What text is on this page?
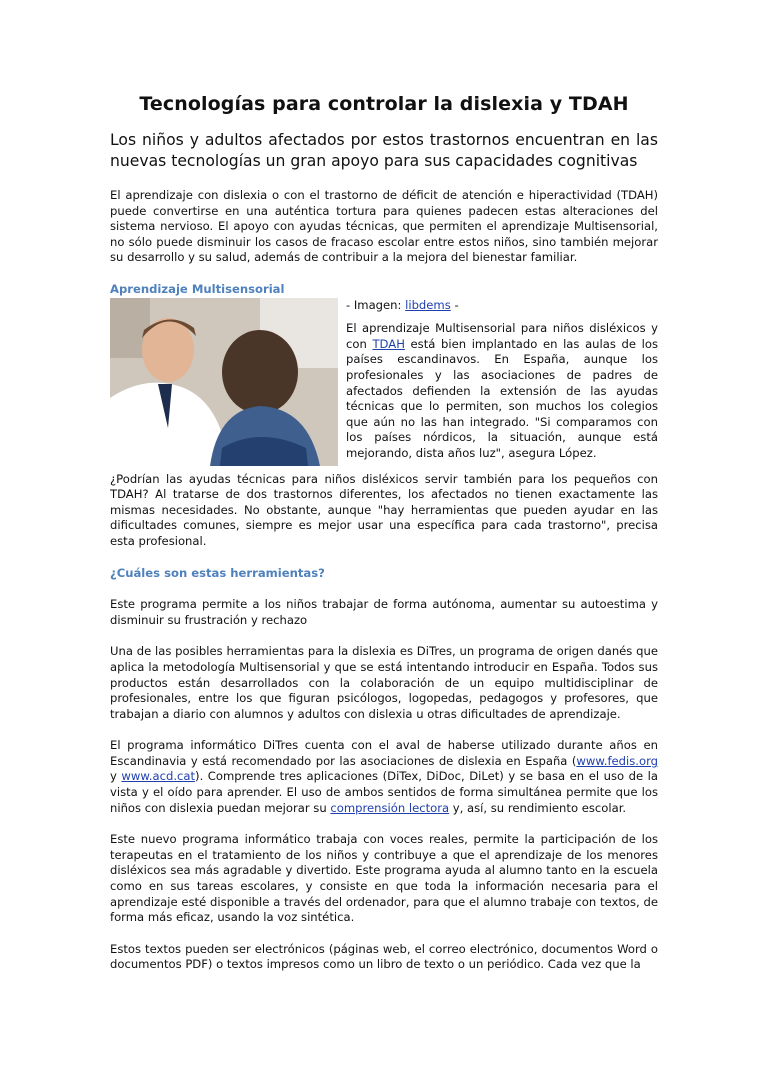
Tecnologías para controlar la dislexia y TDAH
Los niños y adultos afectados por estos trastornos encuentran en las nuevas tecnologías un gran apoyo para sus capacidades cognitivas

El aprendizaje con dislexia o con el trastorno de déficit de atención e hiperactividad (TDAH) puede convertirse en una auténtica tortura para quienes padecen estas alteraciones del sistema nervioso. El apoyo con ayudas técnicas, que permiten el aprendizaje Multisensorial, no sólo puede disminuir los casos de fracaso escolar entre estos niños, sino también mejorar su desarrollo y su salud, además de contribuir a la mejora del bienestar familiar.

Aprendizaje Multisensorial

- Imagen: libdems -

El aprendizaje Multisensorial para niños disléxicos y con TDAH está bien implantado en las aulas de los países escandinavos. En España, aunque los profesionales y las asociaciones de padres de afectados defienden la extensión de las ayudas técnicas que lo permiten, son muchos los colegios que aún no las han integrado. "Si comparamos con los países nórdicos, la situación, aunque está mejorando, dista años luz", asegura López.

¿Podrían las ayudas técnicas para niños disléxicos servir también para los pequeños con TDAH? Al tratarse de dos trastornos diferentes, los afectados no tienen exactamente las mismas necesidades. No obstante, aunque "hay herramientas que pueden ayudar en las dificultades comunes, siempre es mejor usar una específica para cada trastorno", precisa esta profesional.

¿Cuáles son estas herramientas?

Este programa permite a los niños trabajar de forma autónoma, aumentar su autoestima y disminuir su frustración y rechazo

Una de las posibles herramientas para la dislexia es DiTres, un programa de origen danés que aplica la metodología Multisensorial y que se está intentando introducir en España. Todos sus productos están desarrollados con la colaboración de un equipo multidisciplinar de profesionales, entre los que figuran psicólogos, logopedas, pedagogos y profesores, que trabajan a diario con alumnos y adultos con dislexia u otras dificultades de aprendizaje.

El programa informático DiTres cuenta con el aval de haberse utilizado durante años en Escandinavia y está recomendado por las asociaciones de dislexia en España (www.fedis.org y www.acd.cat). Comprende tres aplicaciones (DiTex, DiDoc, DiLet) y se basa en el uso de la vista y el oído para aprender. El uso de ambos sentidos de forma simultánea permite que los niños con dislexia puedan mejorar su comprensión lectora y, así, su rendimiento escolar.

Este nuevo programa informático trabaja con voces reales, permite la participación de los terapeutas en el tratamiento de los niños y contribuye a que el aprendizaje de los menores disléxicos sea más agradable y divertido. Este programa ayuda al alumno tanto en la escuela como en sus tareas escolares, y consiste en que toda la información necesaria para el aprendizaje esté disponible a través del ordenador, para que el alumno trabaje con textos, de forma más eficaz, usando la voz sintética.

Estos textos pueden ser electrónicos (páginas web, el correo electrónico, documentos Word o documentos PDF) o textos impresos como un libro de texto o un periódico. Cada vez que la
